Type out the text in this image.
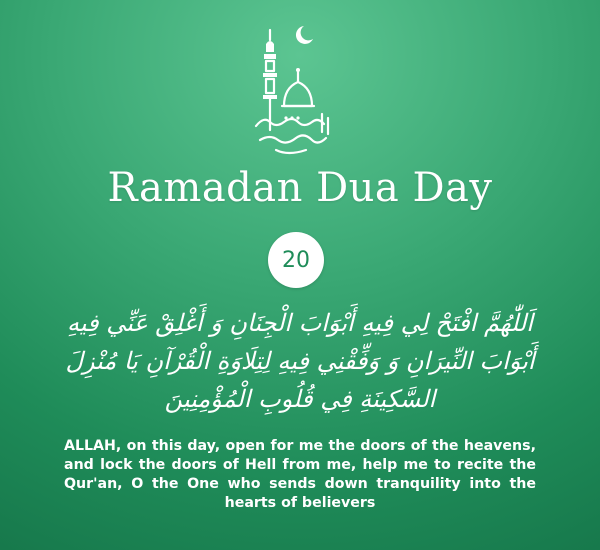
Ramadan Dua Day
20
اَللّٰهُمَّ افْتَحْ لِي فِيهِ أَبْوَابَ الْجِنَانِ وَ أَغْلِقْ عَنِّي فِيهِ أَبْوَابَ النِّيرَانِ وَ وَفِّقْنِي فِيهِ لِتِلَاوَةِ الْقُرْآنِ يَا مُنْزِلَ السَّكِينَةِ فِي قُلُوبِ الْمُؤْمِنِينَ
ALLAH, on this day, open for me the doors of the heavens, and lock the doors of Hell from me, help me to recite the Qur'an, O the One who sends down tranquility into the hearts of believers
